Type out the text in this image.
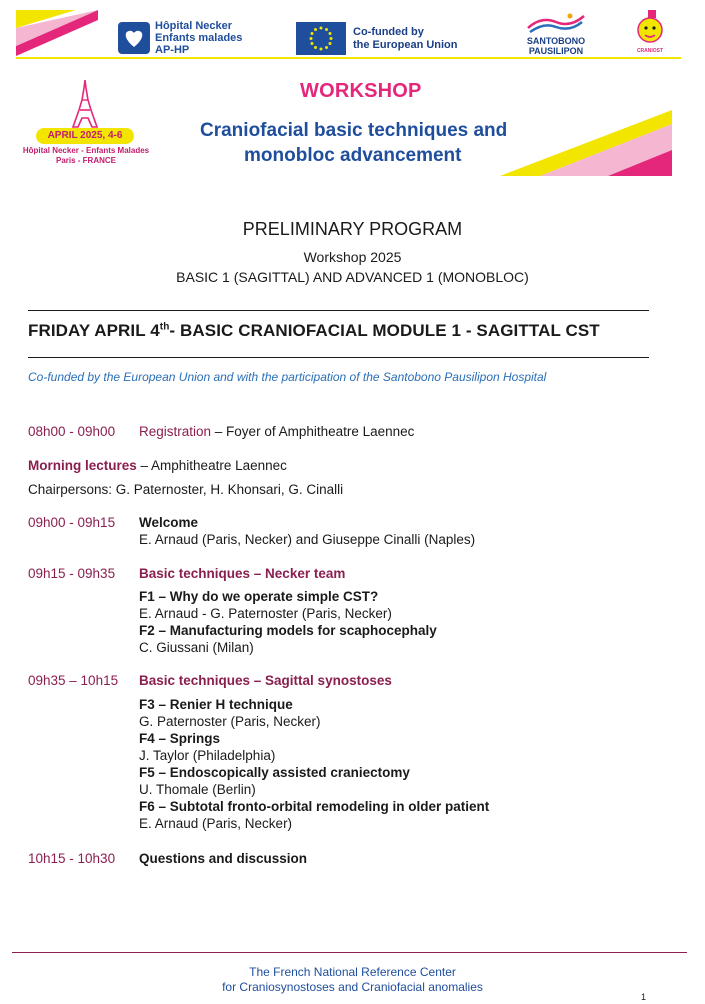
Hôpital Necker
Enfants malades
AP-HP
Co-funded by
the European Union	SANTOBONO
PAUSILIPON	CRANIOST
APRIL 2025, 4-6
Hôpital Necker - Enfants Malades
Paris - FRANCE
WORKSHOP
Craniofacial basic techniques and
monobloc advancement
PRELIMINARY PROGRAM
Workshop 2025
BASIC 1 (SAGITTAL) AND ADVANCED 1 (MONOBLOC)
FRIDAY APRIL 4th- BASIC CRANIOFACIAL MODULE 1 - SAGITTAL CST
Co-funded by the European Union and with the participation of the Santobono Pausilipon Hospital
08h00 - 09h00 Registration – Foyer of Amphitheatre Laennec
Morning lectures – Amphitheatre Laennec
Chairpersons: G. Paternoster, H. Khonsari, G. Cinalli
09h00 - 09h15 Welcome
E. Arnaud (Paris, Necker) and Giuseppe Cinalli (Naples)
09h15 - 09h35 Basic techniques – Necker team
F1 – Why do we operate simple CST?
E. Arnaud - G. Paternoster (Paris, Necker)
F2 – Manufacturing models for scaphocephaly
C. Giussani (Milan)
09h35 – 10h15 Basic techniques – Sagittal synostoses
F3 – Renier H technique
G. Paternoster (Paris, Necker)
F4 – Springs
J. Taylor (Philadelphia)
F5 – Endoscopically assisted craniectomy
U. Thomale (Berlin)
F6 – Subtotal fronto-orbital remodeling in older patient
E. Arnaud (Paris, Necker)
10h15 - 10h30 Questions and discussion
The French National Reference Center
for Craniosynostoses and Craniofacial anomalies
1
